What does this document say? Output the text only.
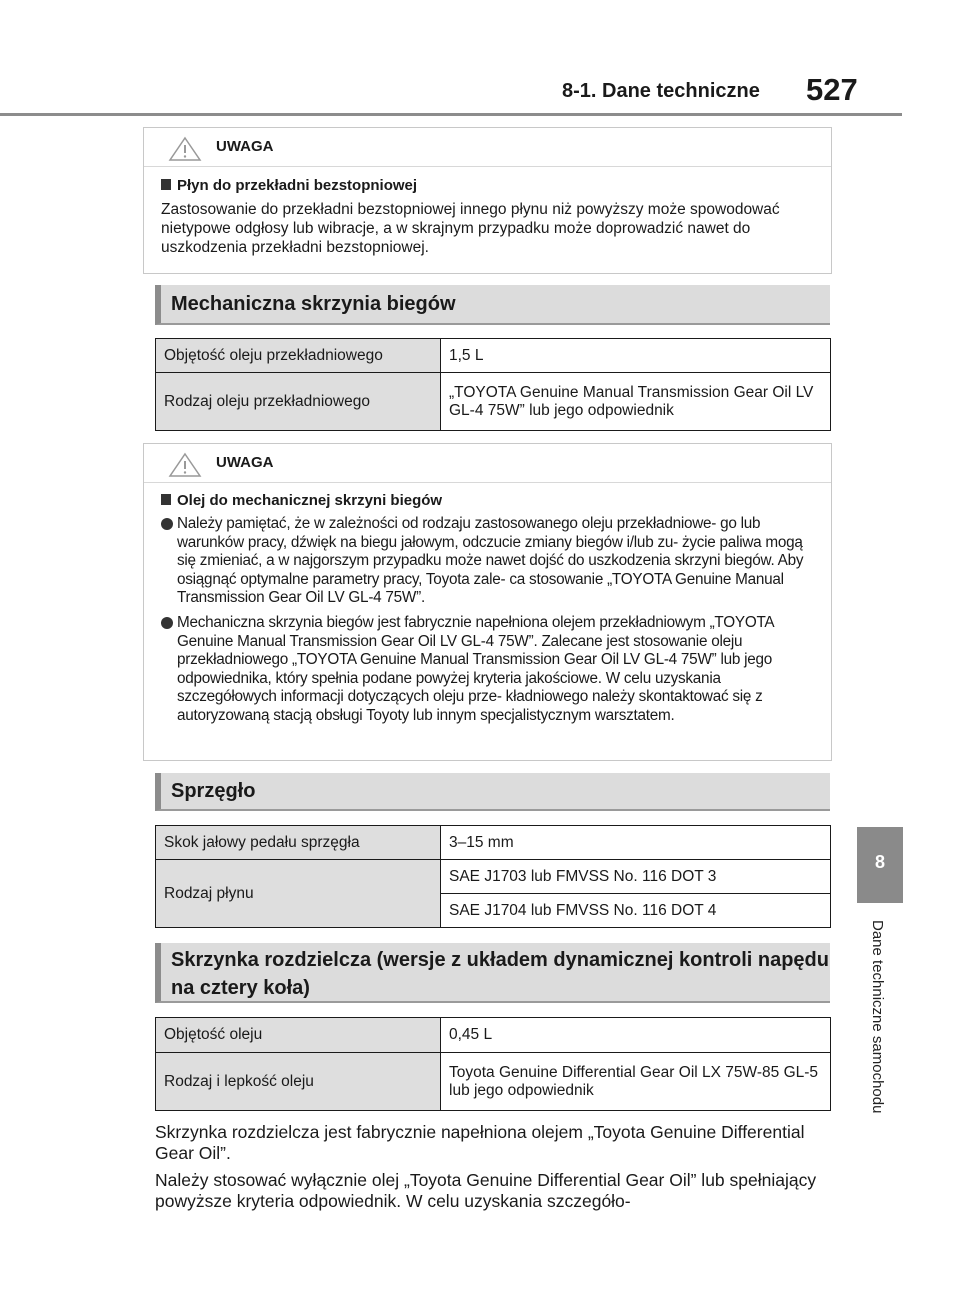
8-1. Dane techniczne 527
8
Dane techniczne samochodu
UWAGA
Płyn do przekładni bezstopniowej
Zastosowanie do przekładni bezstopniowej innego płynu niż powyższy może spowodować nietypowe odgłosy lub wibracje, a w skrajnym przypadku może doprowadzić nawet do uszkodzenia przekładni bezstopniowej.
Mechaniczna skrzynia biegów
Objętość oleju przekładniowego	1,5 L
Rodzaj oleju przekładniowego	„TOYOTA Genuine Manual Transmission Gear Oil LV GL-4 75W” lub jego odpowiednik
UWAGA
Olej do mechanicznej skrzyni biegów
Należy pamiętać, że w zależności od rodzaju zastosowanego oleju przekładniowe- go lub warunków pracy, dźwięk na biegu jałowym, odczucie zmiany biegów i/lub zu- życie paliwa mogą się zmieniać, a w najgorszym przypadku może nawet dojść do uszkodzenia skrzyni biegów. Aby osiągnąć optymalne parametry pracy, Toyota zale- ca stosowanie „TOYOTA Genuine Manual Transmission Gear Oil LV GL-4 75W”.
Mechaniczna skrzynia biegów jest fabrycznie napełniona olejem przekładniowym „TOYOTA Genuine Manual Transmission Gear Oil LV GL-4 75W”. Zalecane jest stosowanie oleju przekładniowego „TOYOTA Genuine Manual Transmission Gear Oil LV GL-4 75W” lub jego odpowiednika, który spełnia podane powyżej kryteria jakościowe. W celu uzyskania szczegółowych informacji dotyczących oleju prze- kładniowego należy skontaktować się z autoryzowaną stacją obsługi Toyoty lub innym specjalistycznym warsztatem.
Sprzęgło
Skok jałowy pedału sprzęgła	3–15 mm
Rodzaj płynu	SAE J1703 lub FMVSS No. 116 DOT 3
	SAE J1704 lub FMVSS No. 116 DOT 4
Skrzynka rozdzielcza (wersje z układem dynamicznej kontroli napędu na cztery koła)
Objętość oleju	0,45 L
Rodzaj i lepkość oleju	Toyota Genuine Differential Gear Oil LX 75W-85 GL-5 lub jego odpowiednik
Skrzynka rozdzielcza jest fabrycznie napełniona olejem „Toyota Genuine Differential Gear Oil”.
Należy stosować wyłącznie olej „Toyota Genuine Differential Gear Oil” lub spełniający powyższe kryteria odpowiednik. W celu uzyskania szczegóło-
